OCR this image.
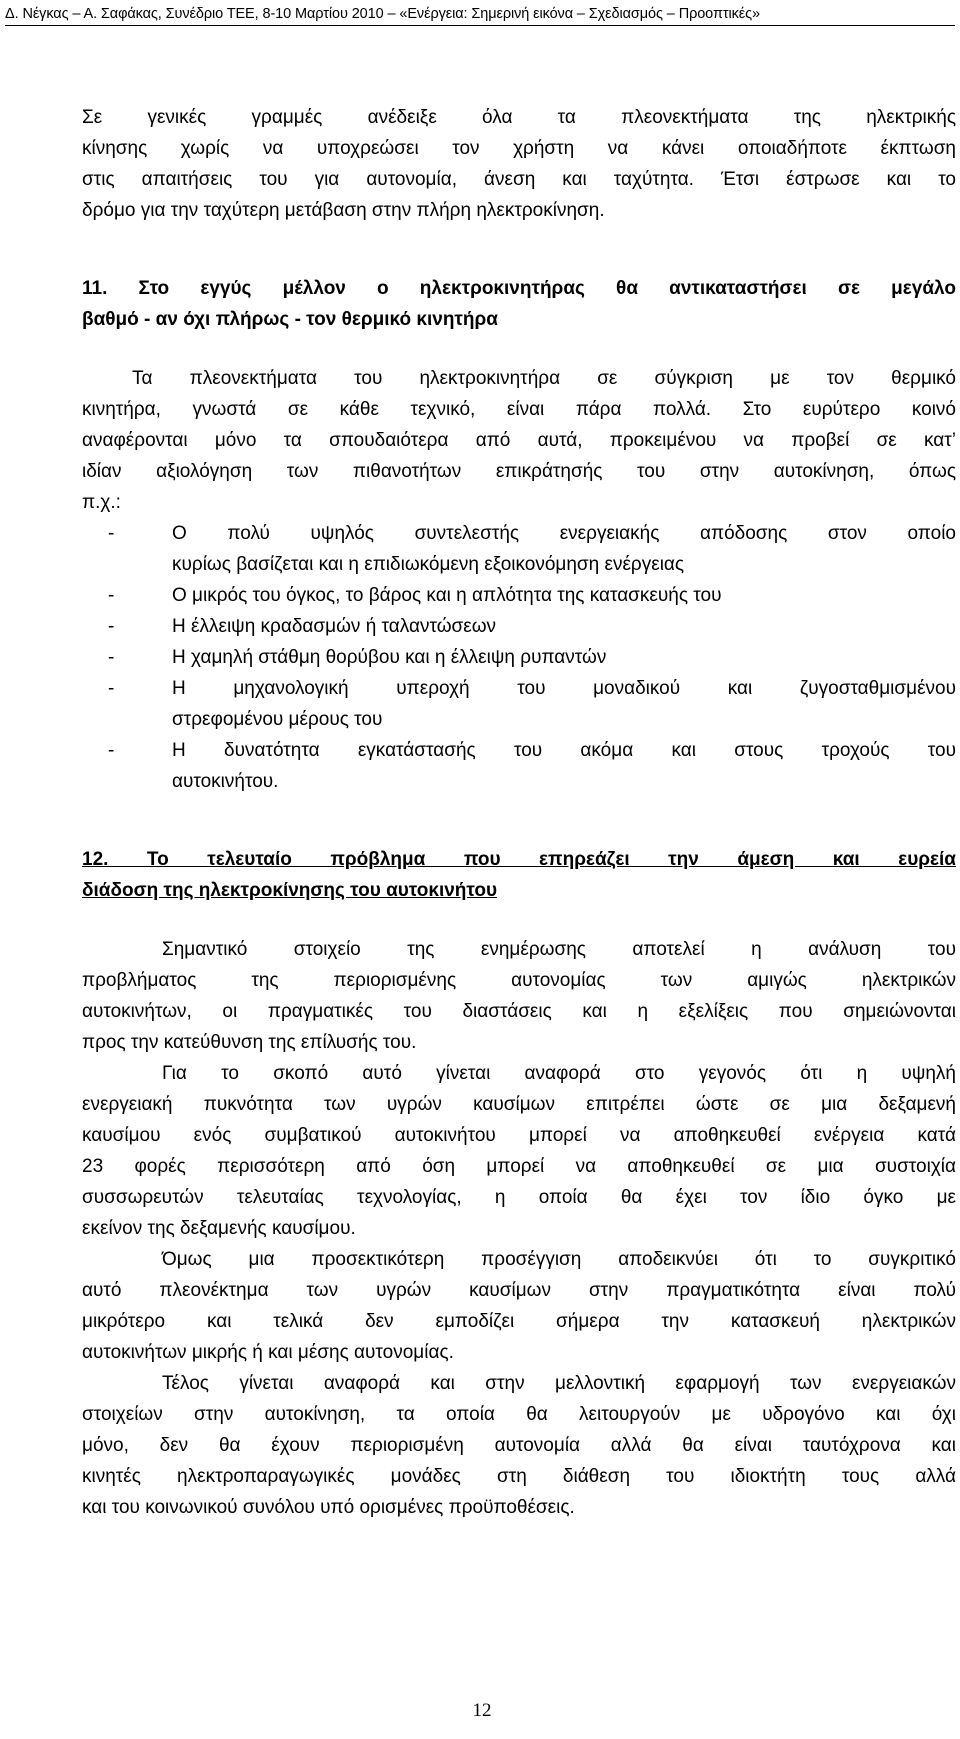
Δ. Νέγκας – Α. Σαφάκας, Συνέδριο ΤΕΕ, 8-10 Μαρτίου 2010 – «Ενέργεια: Σημερινή εικόνα – Σχεδιασμός – Προοπτικές»
Σε γενικές γραμμές ανέδειξε όλα τα πλεονεκτήματα της ηλεκτρικής
κίνησης χωρίς να υποχρεώσει τον χρήστη να κάνει οποιαδήποτε έκπτωση
στις απαιτήσεις του για αυτονομία, άνεση και ταχύτητα. Έτσι έστρωσε και το
δρόμο για την ταχύτερη μετάβαση στην πλήρη ηλεκτροκίνηση.
11. Στο εγγύς μέλλον ο ηλεκτροκινητήρας θα αντικαταστήσει σε μεγάλο
βαθμό - αν όχι πλήρως - τον θερμικό κινητήρα
Τα πλεονεκτήματα του ηλεκτροκινητήρα σε σύγκριση με τον θερμικό
κινητήρα, γνωστά σε κάθε τεχνικό, είναι πάρα πολλά. Στο ευρύτερο κοινό
αναφέρονται μόνο τα σπουδαιότερα από αυτά, προκειμένου να προβεί σε κατ’
ιδίαν αξιολόγηση των πιθανοτήτων επικράτησής του στην αυτοκίνηση, όπως
π.χ.:
-	Ο πολύ υψηλός συντελεστής ενεργειακής απόδοσης στον οποίο
κυρίως βασίζεται και η επιδιωκόμενη εξοικονόμηση ενέργειας
-	Ο μικρός του όγκος, το βάρος και η απλότητα της κατασκευής του
-	Η έλλειψη κραδασμών ή ταλαντώσεων
-	Η χαμηλή στάθμη θορύβου και η έλλειψη ρυπαντών
-	Η μηχανολογική υπεροχή του μοναδικού και ζυγοσταθμισμένου
στρεφομένου μέρους του
-	Η δυνατότητα εγκατάστασής του ακόμα και στους τροχούς του
αυτοκινήτου.
12. Το τελευταίο πρόβλημα που επηρεάζει την άμεση και ευρεία
διάδοση της ηλεκτροκίνησης του αυτοκινήτου
Σημαντικό στοιχείο της ενημέρωσης αποτελεί η ανάλυση του
προβλήματος της περιορισμένης αυτονομίας των αμιγώς ηλεκτρικών
αυτοκινήτων, οι πραγματικές του διαστάσεις και η εξελίξεις που σημειώνονται
προς την κατεύθυνση της επίλυσής του.
Για το σκοπό αυτό γίνεται αναφορά στο γεγονός ότι η υψηλή
ενεργειακή πυκνότητα των υγρών καυσίμων επιτρέπει ώστε σε μια δεξαμενή
καυσίμου ενός συμβατικού αυτοκινήτου μπορεί να αποθηκευθεί ενέργεια κατά
23 φορές περισσότερη από όση μπορεί να αποθηκευθεί σε μια συστοιχία
συσσωρευτών τελευταίας τεχνολογίας, η οποία θα έχει τον ίδιο όγκο με
εκείνον της δεξαμενής καυσίμου.
Όμως μια προσεκτικότερη προσέγγιση αποδεικνύει ότι το συγκριτικό
αυτό πλεονέκτημα των υγρών καυσίμων στην πραγματικότητα είναι πολύ
μικρότερο και τελικά δεν εμποδίζει σήμερα την κατασκευή ηλεκτρικών
αυτοκινήτων μικρής ή και μέσης αυτονομίας.
Τέλος γίνεται αναφορά και στην μελλοντική εφαρμογή των ενεργειακών
στοιχείων στην αυτοκίνηση, τα οποία θα λειτουργούν με υδρογόνο και όχι
μόνο, δεν θα έχουν περιορισμένη αυτονομία αλλά θα είναι ταυτόχρονα και
κινητές ηλεκτροπαραγωγικές μονάδες στη διάθεση του ιδιοκτήτη τους αλλά
και του κοινωνικού συνόλου υπό ορισμένες προϋποθέσεις.
12
